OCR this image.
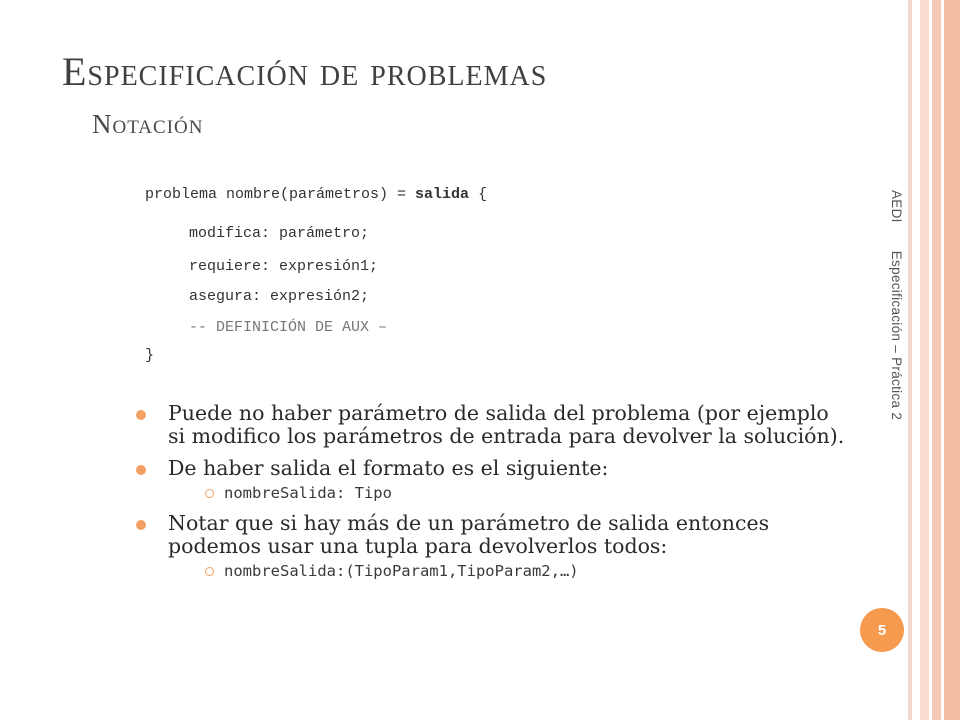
Especificación de problemas
Notación
problema nombre(parámetros) = salida {
modifica: parámetro;
requiere: expresión1;
asegura: expresión2;
-- DEFINICIÓN DE AUX –
}
Puede no haber parámetro de salida del problema (por ejemplo si modifico los parámetros de entrada para devolver la solución).
De haber salida el formato es el siguiente:
nombreSalida: Tipo
Notar que si hay más de un parámetro de salida entonces podemos usar una tupla para devolverlos todos:
nombreSalida:(TipoParam1,TipoParam2,…)
AEDIEspecificación – Práctica 2
5
